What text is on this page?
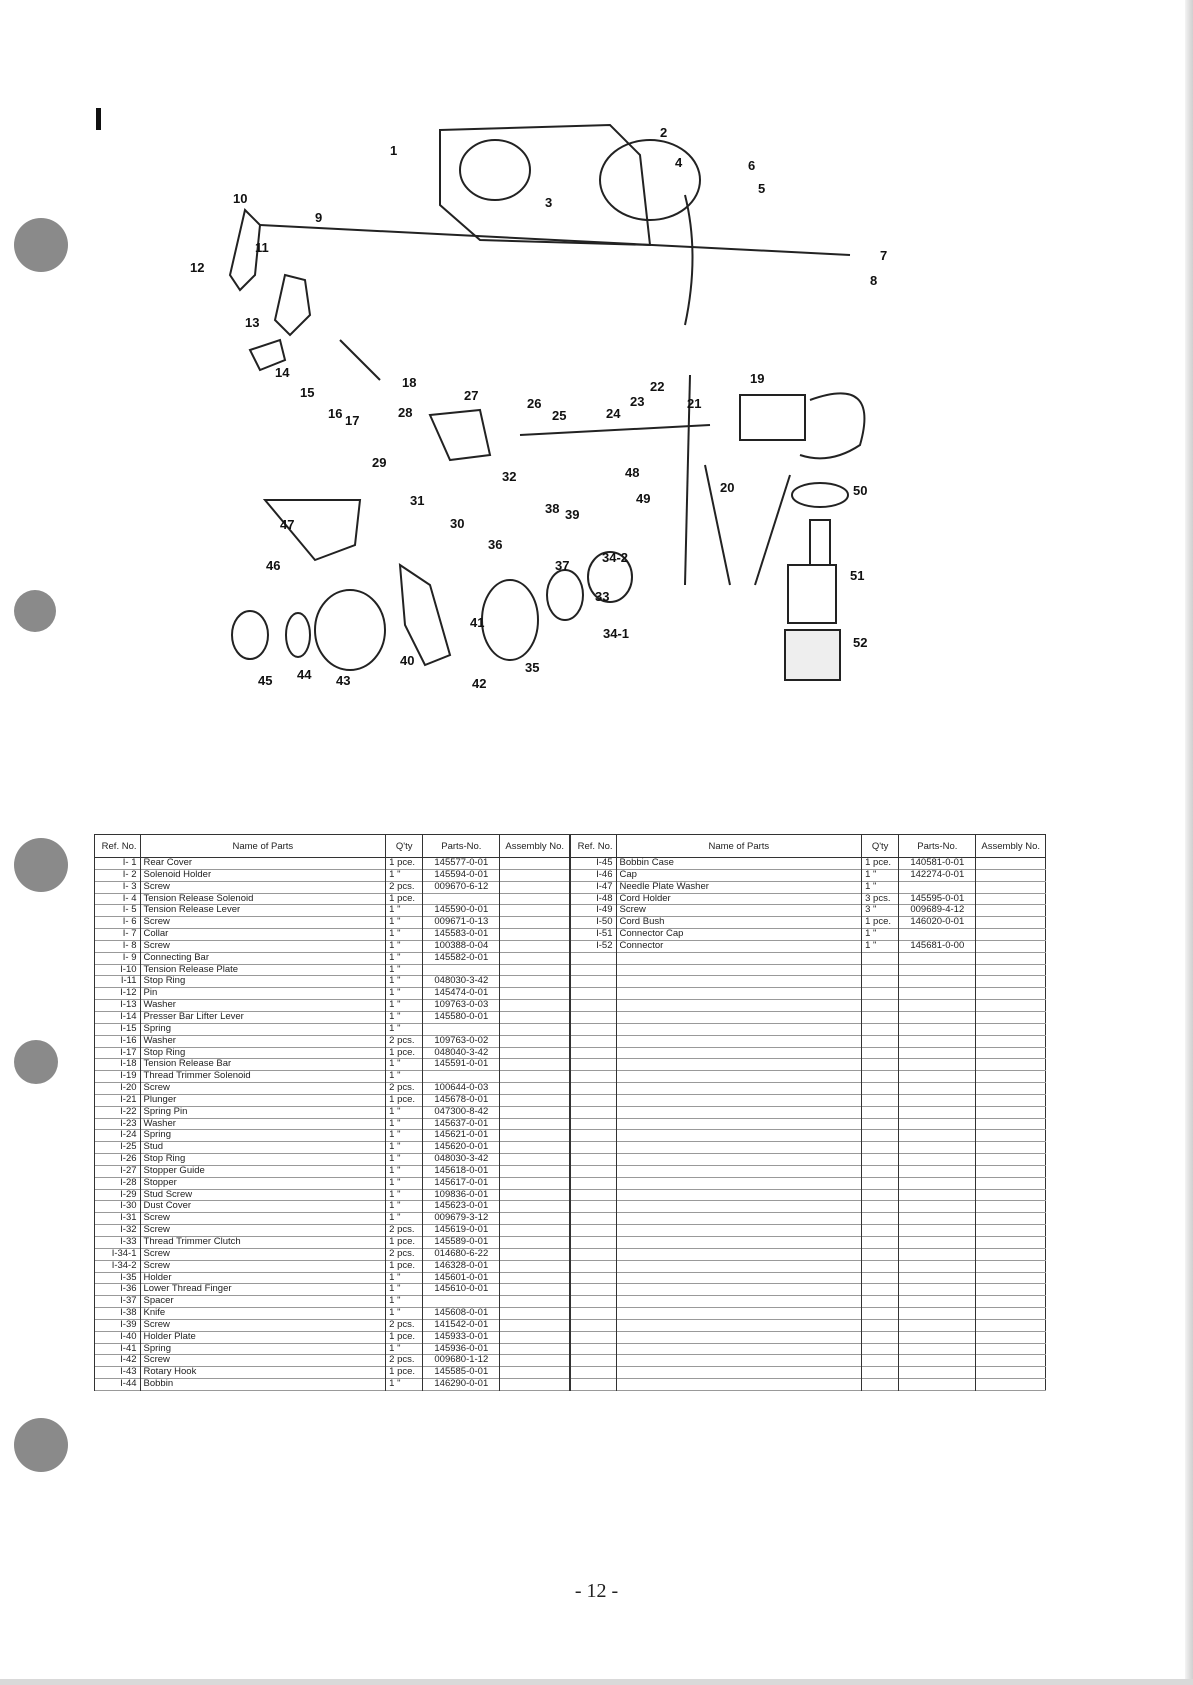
1
2
3
4
5
6
7
8
9
10
11
12
13
14
15
16 17
18	19
20
21
22
23
24
25
26
27
28
29
30
31
32
33
34-1
34-2
35
36
37
38 39
40
41
42
43
44
45
46
47
48
49
50
51
52
Ref. No.	Name of Parts	Q'ty	Parts-No.	Assembly No.	Ref. No.	Name of Parts	Q'ty	Parts-No.	Assembly No.
I- 1	Rear Cover	1 pce.	145577-0-01		I-45	Bobbin Case	1 pce.	140581-0-01	
I- 2	Solenoid Holder	1 "	145594-0-01		I-46	Cap	1 "	142274-0-01	
I- 3	Screw	2 pcs.	009670-6-12		I-47	Needle Plate Washer	1 "		
I- 4	Tension Release Solenoid	1 pce.			I-48	Cord Holder	3 pcs.	145595-0-01	
I- 5	Tension Release Lever	1 "	145590-0-01		I-49	Screw	3 "	009689-4-12	
I- 6	Screw	1 "	009671-0-13		I-50	Cord Bush	1 pce.	146020-0-01	
I- 7	Collar	1 "	145583-0-01		I-51	Connector Cap	1 "		
I- 8	Screw	1 "	100388-0-04		I-52	Connector	1 "	145681-0-00	
I- 9	Connecting Bar	1 "	145582-0-01						
I-10	Tension Release Plate	1 "							
I-11	Stop Ring	1 "	048030-3-42						
I-12	Pin	1 "	145474-0-01						
I-13	Washer	1 "	109763-0-03						
I-14	Presser Bar Lifter Lever	1 "	145580-0-01						
I-15	Spring	1 "							
I-16	Washer	2 pcs.	109763-0-02						
I-17	Stop Ring	1 pce.	048040-3-42						
I-18	Tension Release Bar	1 "	145591-0-01						
I-19	Thread Trimmer Solenoid	1 "							
I-20	Screw	2 pcs.	100644-0-03						
I-21	Plunger	1 pce.	145678-0-01						
I-22	Spring Pin	1 "	047300-8-42						
I-23	Washer	1 "	145637-0-01						
I-24	Spring	1 "	145621-0-01						
I-25	Stud	1 "	145620-0-01						
I-26	Stop Ring	1 "	048030-3-42						
I-27	Stopper Guide	1 "	145618-0-01						
I-28	Stopper	1 "	145617-0-01						
I-29	Stud Screw	1 "	109836-0-01						
I-30	Dust Cover	1 "	145623-0-01						
I-31	Screw	1 "	009679-3-12						
I-32	Screw	2 pcs.	145619-0-01						
I-33	Thread Trimmer Clutch	1 pce.	145589-0-01						
I-34-1	Screw	2 pcs.	014680-6-22						
I-34-2	Screw	1 pce.	146328-0-01						
I-35	Holder	1 "	145601-0-01						
I-36	Lower Thread Finger	1 "	145610-0-01						
I-37	Spacer	1 "							
I-38	Knife	1 "	145608-0-01						
I-39	Screw	2 pcs.	141542-0-01						
I-40	Holder Plate	1 pce.	145933-0-01						
I-41	Spring	1 "	145936-0-01						
I-42	Screw	2 pcs.	009680-1-12						
I-43	Rotary Hook	1 pce.	145585-0-01						
I-44	Bobbin	1 "	146290-0-01						
- 12 -
